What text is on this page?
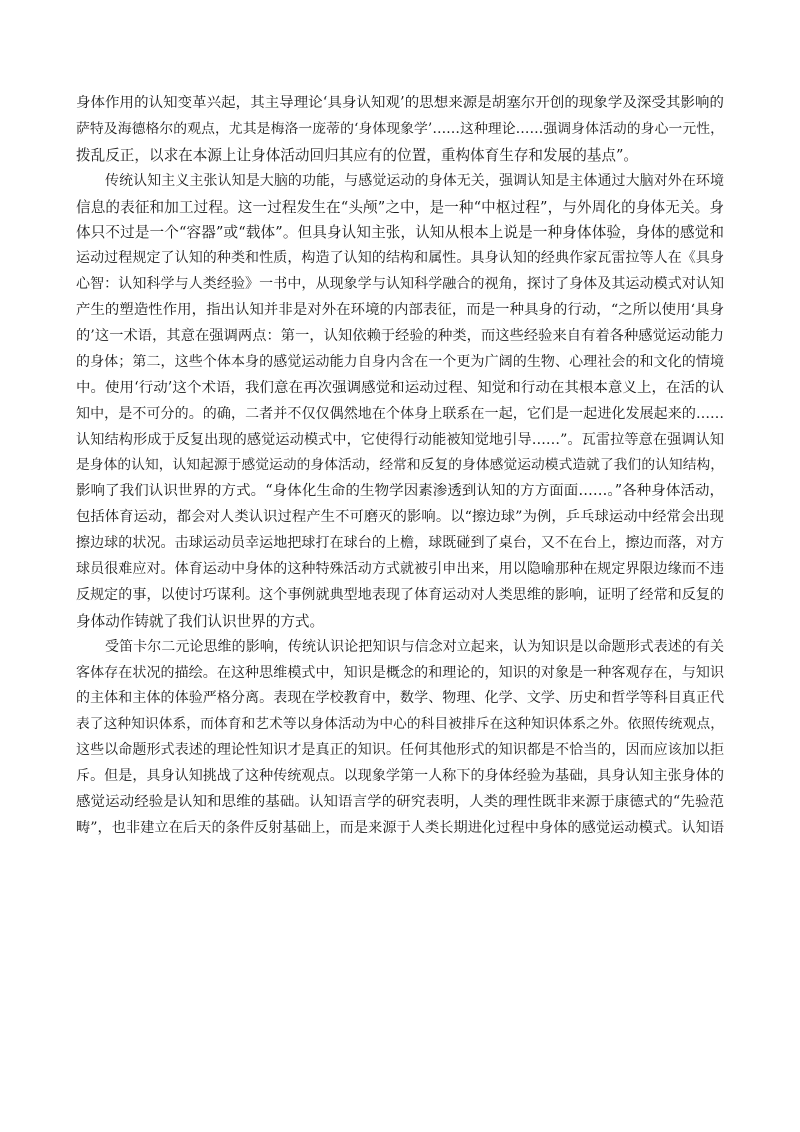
身体作用的认知变革兴起，其主导理论‘具身认知观’的思想来源是胡塞尔开创的现象学及深受其影响的
萨特及海德格尔的观点，尤其是梅洛一庞蒂的‘身体现象学’……这种理论……强调身体活动的身心一元性，
拨乱反正，以求在本源上让身体活动回归其应有的位置，重构体育生存和发展的基点”。
传统认知主义主张认知是大脑的功能，与感觉运动的身体无关，强调认知是主体通过大脑对外在环境
信息的表征和加工过程。这一过程发生在“头颅”之中，是一种“中枢过程”，与外周化的身体无关。身
体只不过是一个“容器”或“载体”。但具身认知主张，认知从根本上说是一种身体体验，身体的感觉和
运动过程规定了认知的种类和性质，构造了认知的结构和属性。具身认知的经典作家瓦雷拉等人在《具身
心智：认知科学与人类经验》一书中，从现象学与认知科学融合的视角，探讨了身体及其运动模式对认知
产生的塑造性作用，指出认知并非是对外在环境的内部表征，而是一种具身的行动，“之所以使用‘具身
的’这一术语，其意在强调两点：第一，认知依赖于经验的种类，而这些经验来自有着各种感觉运动能力
的身体；第二，这些个体本身的感觉运动能力自身内含在一个更为广阔的生物、心理社会的和文化的情境
中。使用‘行动’这个术语，我们意在再次强调感觉和运动过程、知觉和行动在其根本意义上，在活的认
知中，是不可分的。的确，二者并不仅仅偶然地在个体身上联系在一起，它们是一起进化发展起来的……
认知结构形成于反复出现的感觉运动模式中，它使得行动能被知觉地引导……”。瓦雷拉等意在强调认知
是身体的认知，认知起源于感觉运动的身体活动，经常和反复的身体感觉运动模式造就了我们的认知结构，
影响了我们认识世界的方式。“身体化生命的生物学因素渗透到认知的方方面面……。”各种身体活动，
包括体育运动，都会对人类认识过程产生不可磨灭的影响。以“擦边球”为例，乒乓球运动中经常会出现
擦边球的状况。击球运动员幸运地把球打在球台的上檐，球既碰到了桌台，又不在台上，擦边而落，对方
球员很难应对。体育运动中身体的这种特殊活动方式就被引申出来，用以隐喻那种在规定界限边缘而不违
反规定的事，以使讨巧谋利。这个事例就典型地表现了体育运动对人类思维的影响，证明了经常和反复的
身体动作铸就了我们认识世界的方式。
受笛卡尔二元论思维的影响，传统认识论把知识与信念对立起来，认为知识是以命题形式表述的有关
客体存在状况的描绘。在这种思维模式中，知识是概念的和理论的，知识的对象是一种客观存在，与知识
的主体和主体的体验严格分离。表现在学校教育中，数学、物理、化学、文学、历史和哲学等科目真正代
表了这种知识体系，而体育和艺术等以身体活动为中心的科目被排斥在这种知识体系之外。依照传统观点，
这些以命题形式表述的理论性知识才是真正的知识。任何其他形式的知识都是不恰当的，因而应该加以拒
斥。但是，具身认知挑战了这种传统观点。以现象学第一人称下的身体经验为基础，具身认知主张身体的
感觉运动经验是认知和思维的基础。认知语言学的研究表明，人类的理性既非来源于康德式的“先验范
畴”，也非建立在后天的条件反射基础上，而是来源于人类长期进化过程中身体的感觉运动模式。认知语
